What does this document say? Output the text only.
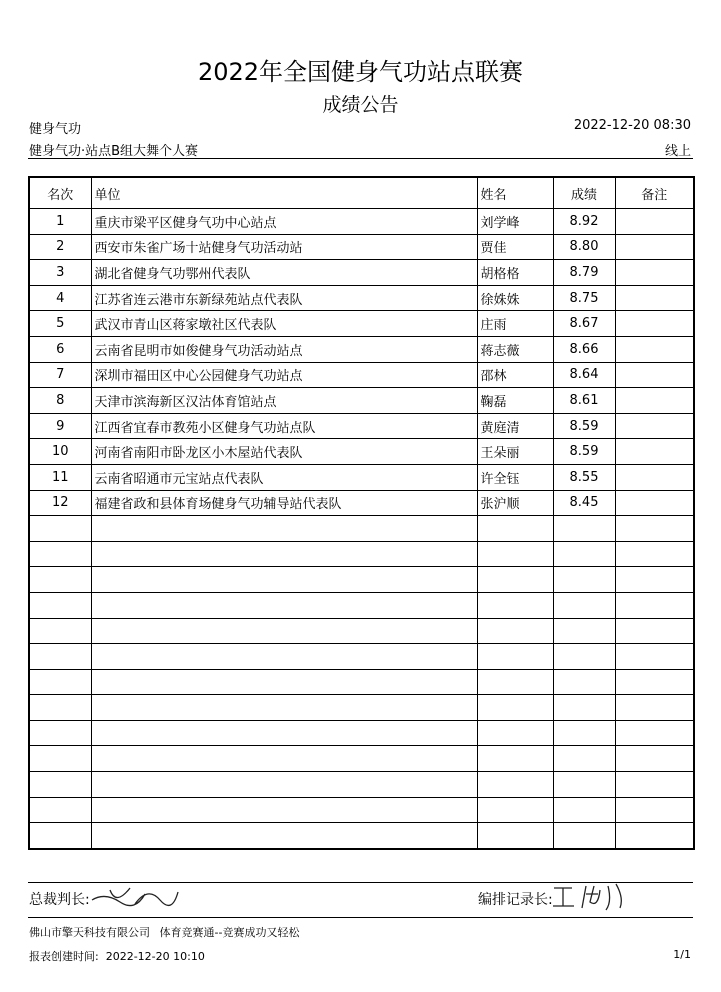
2022年全国健身气功站点联赛
成绩公告
健身气功	2022-12-20 08:30
健身气功·站点B组大舞个人赛	线上
名次	单位	姓名	成绩	备注
1	重庆市梁平区健身气功中心站点	刘学峰	8.92	
2	西安市朱雀广场十站健身气功活动站	贾佳	8.80	
3	湖北省健身气功鄂州代表队	胡格格	8.79	
4	江苏省连云港市东新绿苑站点代表队	徐姝姝	8.75	
5	武汉市青山区蒋家墩社区代表队	庄雨	8.67	
6	云南省昆明市如俊健身气功活动站点	蒋志薇	8.66	
7	深圳市福田区中心公园健身气功站点	邵林	8.64	
8	天津市滨海新区汉沽体育馆站点	鞠磊	8.61	
9	江西省宜春市教苑小区健身气功站点队	黄庭清	8.59	
10	河南省南阳市卧龙区小木屋站代表队	王朵丽	8.59	
11	云南省昭通市元宝站点代表队	许全钰	8.55	
12	福建省政和县体育场健身气功辅导站代表队	张沪顺	8.45	

总裁判长:	编排记录长:
佛山市擎天科技有限公司 体育竞赛通--竞赛成功又轻松
报表创建时间:  2022-12-20 10:10	1/1
